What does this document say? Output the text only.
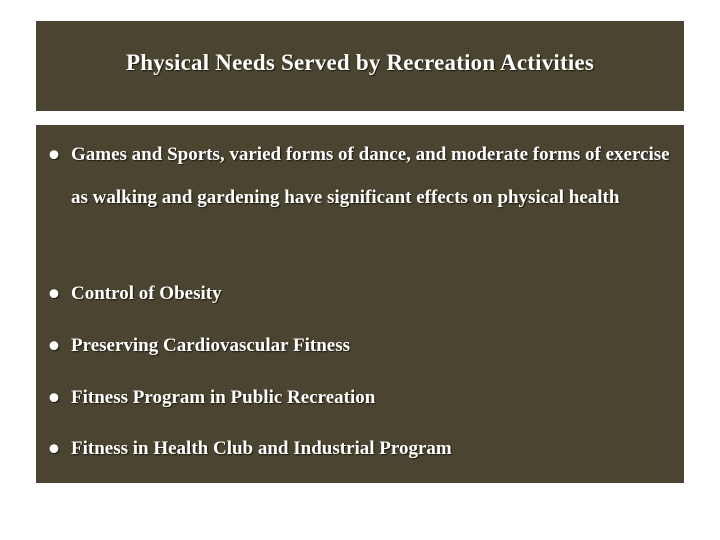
Physical Needs Served by Recreation Activities
• Games and Sports, varied forms of dance, and moderate forms of exercise as walking and gardening have significant effects on physical health
• Control of Obesity
• Preserving Cardiovascular Fitness
• Fitness Program in Public Recreation
• Fitness in Health Club and Industrial Program
